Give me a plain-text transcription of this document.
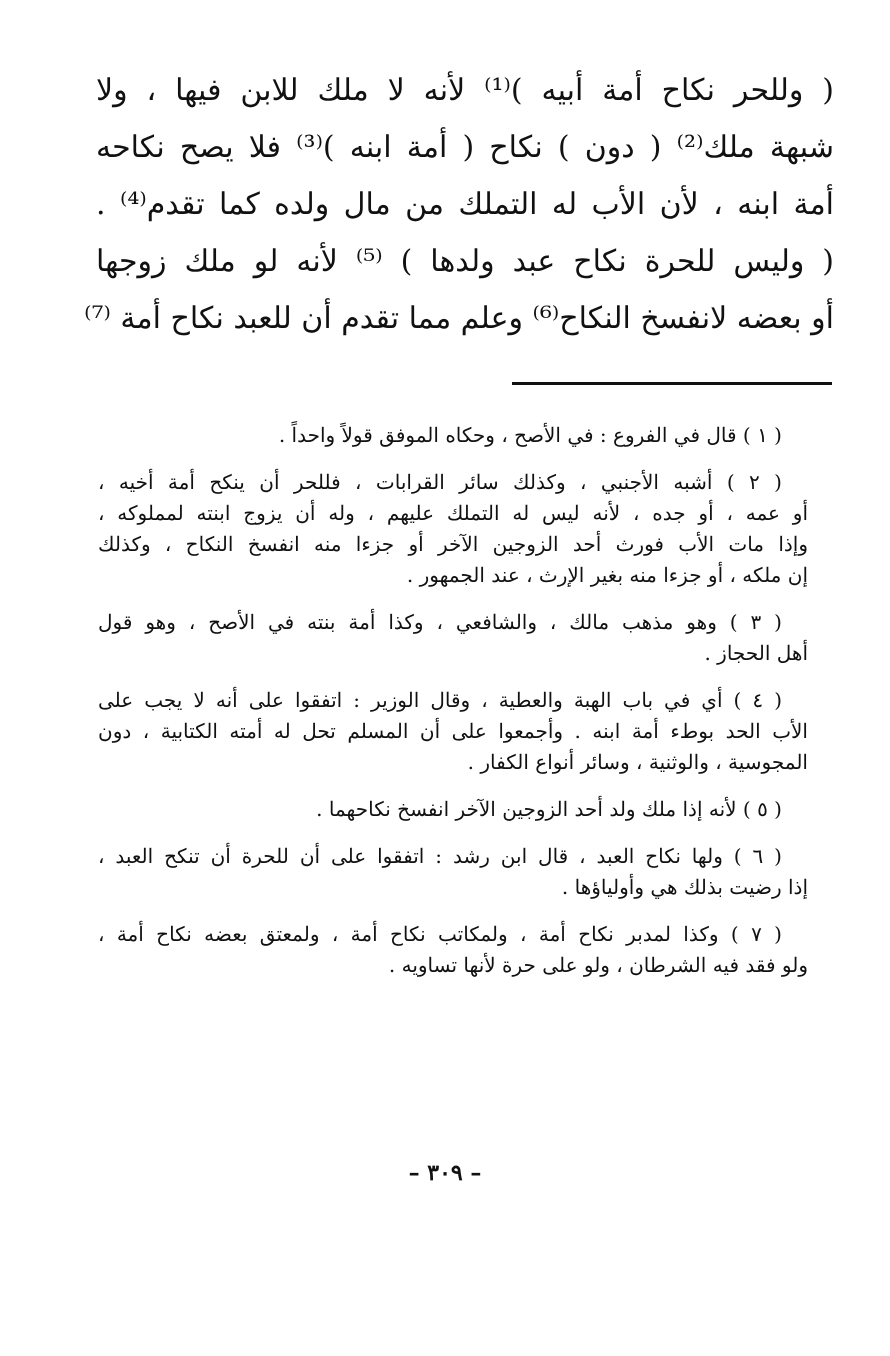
( وللحر نكاح أمة أبيه )⁽¹⁾ لأنه لا ملك للابن فيها ، ولا
شبهة ملك⁽²⁾ ( دون ) نكاح ( أمة ابنه )⁽³⁾ فلا يصح نكاحه
أمة ابنه ، لأن الأب له التملك من مال ولده كما تقدم⁽⁴⁾ .
( وليس للحرة نكاح عبد ولدها ) ⁽⁵⁾ لأنه لو ملك زوجها
أو بعضه لانفسخ النكاح⁽⁶⁾ وعلم مما تقدم أن للعبد نكاح أمة ⁽⁷⁾
( ١ ) قال في الفروع : في الأصح ، وحكاه الموفق قولاً واحداً .
( ٢ ) أشبه الأجنبي ، وكذلك سائر القرابات ، فللحر أن ينكح أمة أخيه ،
أو عمه ، أو جده ، لأنه ليس له التملك عليهم ، وله أن يزوج ابنته لمملوكه ،
وإذا مات الأب فورث أحد الزوجين الآخر أو جزءا منه انفسخ النكاح ، وكذلك
إن ملكه ، أو جزءا منه بغير الإرث ، عند الجمهور .
( ٣ ) وهو مذهب مالك ، والشافعي ، وكذا أمة بنته في الأصح ، وهو قول
أهل الحجاز .
( ٤ ) أي في باب الهبة والعطية ، وقال الوزير : اتفقوا على أنه لا يجب على
الأب الحد بوطء أمة ابنه . وأجمعوا على أن المسلم تحل له أمته الكتابية ، دون
المجوسية ، والوثنية ، وسائر أنواع الكفار .
( ٥ ) لأنه إذا ملك ولد أحد الزوجين الآخر انفسخ نكاحهما .
( ٦ ) ولها نكاح العبد ، قال ابن رشد : اتفقوا على أن للحرة أن تنكح العبد ،
إذا رضيت بذلك هي وأولياؤها .
( ٧ ) وكذا لمدبر نكاح أمة ، ولمكاتب نكاح أمة ، ولمعتق بعضه نكاح أمة ،
ولو فقد فيه الشرطان ، ولو على حرة لأنها تساويه .
– ٣٠٩ –
